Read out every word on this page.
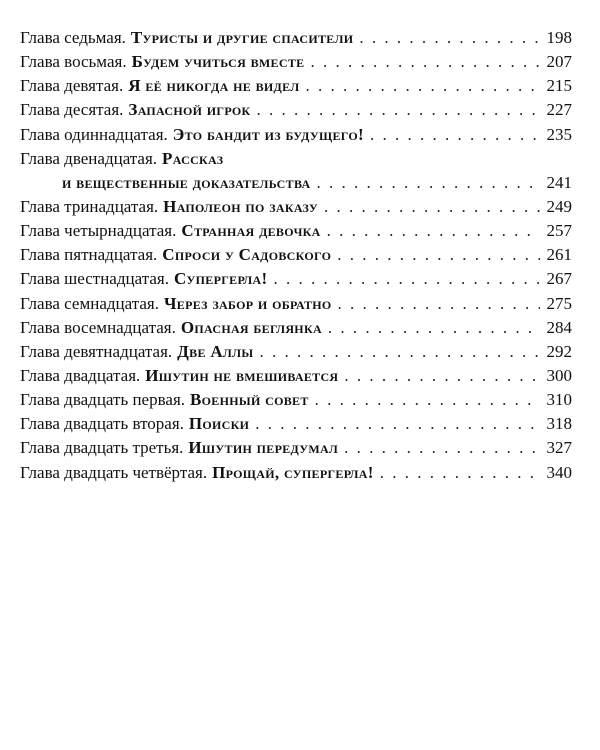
Глава седьмая. Туристы и другие спасители . . .	198
Глава восьмая. Будем учиться вместе . . .	207
Глава девятая. Я её никогда не видел . . .	215
Глава десятая. Запасной игрок . . .	227
Глава одиннадцатая. Это бандит из будущего! . . .	235
Глава двенадцатая. Рассказ
и вещественные доказательства . . .	241
Глава тринадцатая. Наполеон по заказу . . .	249
Глава четырнадцатая. Странная девочка . . .	257
Глава пятнадцатая. Спроси у Садовского . . .	261
Глава шестнадцатая. Супергерла! . . .	267
Глава семнадцатая. Через забор и обратно . . .	275
Глава восемнадцатая. Опасная беглянка . . .	284
Глава девятнадцатая. Две Аллы . . .	292
Глава двадцатая. Ишутин не вмешивается . . .	300
Глава двадцать первая. Военный совет . . .	310
Глава двадцать вторая. Поиски . . .	318
Глава двадцать третья. Ишутин передумал . . .	327
Глава двадцать четвёртая. Прощай, супергерла! . . .	340
